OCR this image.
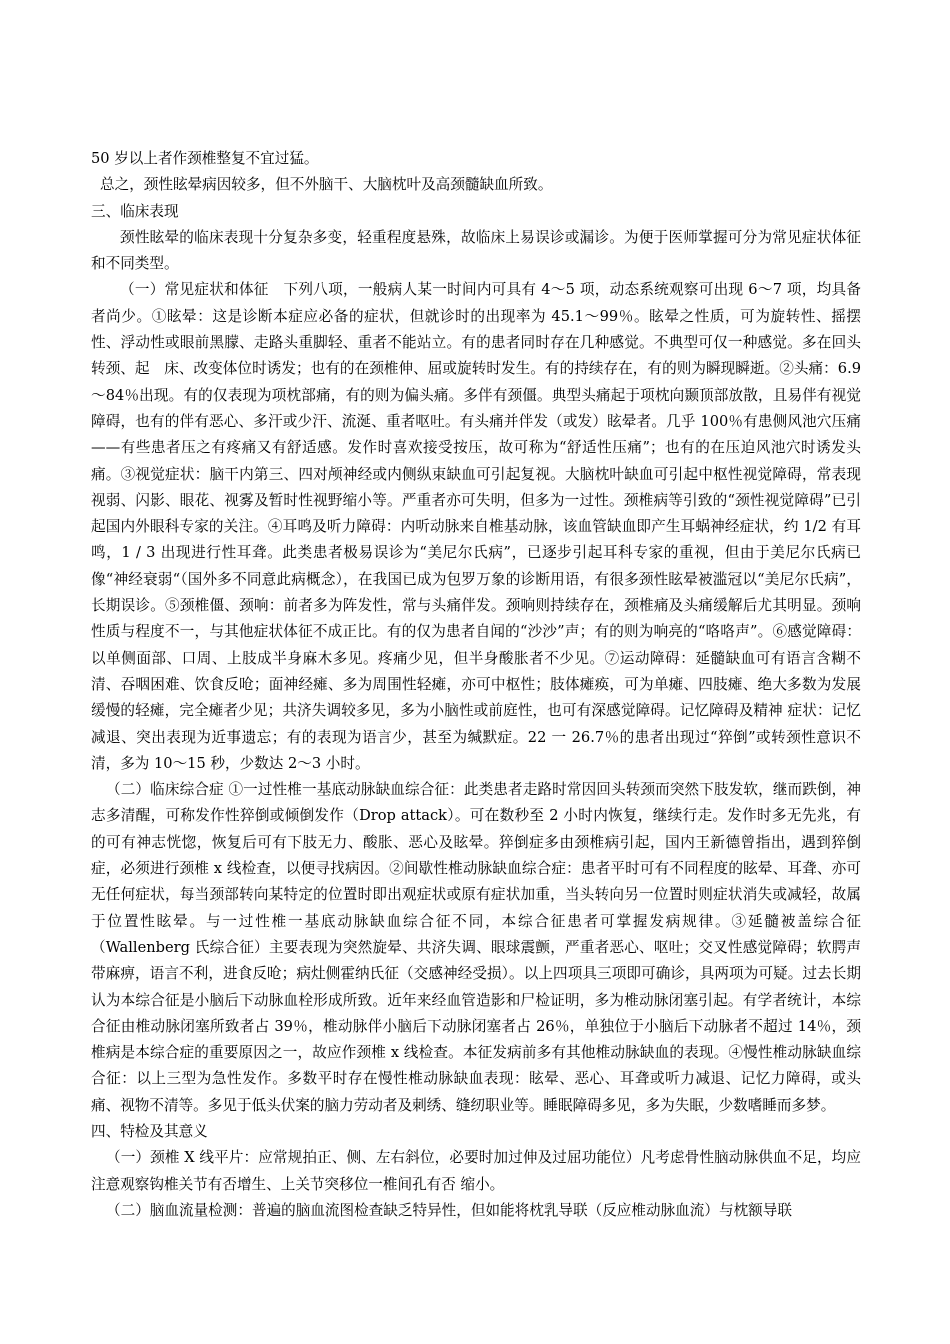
50 岁以上者作颈椎整复不宜过猛。

总之，颈性眩晕病因较多，但不外脑干、大脑枕叶及高颈髓缺血所致。

三、临床表现

颈性眩晕的临床表现十分复杂多变，轻重程度悬殊，故临床上易误诊或漏诊。为便于医师掌握可分为常见症状体征和不同类型。

（一）常见症状和体征　下列八项，一般病人某一时间内可具有 4～5 项，动态系统观察可出现 6～7 项，均具备者尚少。①眩晕：这是诊断本症应必备的症状，但就诊时的出现率为 45.1～99％。眩晕之性质，可为旋转性、摇摆性、浮动性或眼前黑朦、走路头重脚轻、重者不能站立。有的患者同时存在几种感觉。不典型可仅一种感觉。多在回头转颈、起　床、改变体位时诱发；也有的在颈椎伸、屈或旋转时发生。有的持续存在，有的则为瞬现瞬逝。②头痛：6.9～84％出现。有的仅表现为项枕部痛，有的则为偏头痛。多伴有颈僵。典型头痛起于项枕向颞顶部放散，且易伴有视觉障碍，也有的伴有恶心、多汗或少汗、流涎、重者呕吐。有头痛并伴发（或发）眩晕者。几乎 100％有患侧风池穴压痛——有些患者压之有疼痛又有舒适感。发作时喜欢接受按压，故可称为“舒适性压痛”；也有的在压迫风池穴时诱发头痛。③视觉症状：脑干内第三、四对颅神经或内侧纵束缺血可引起复视。大脑枕叶缺血可引起中枢性视觉障碍，常表现视弱、闪影、眼花、视雾及暂时性视野缩小等。严重者亦可失明，但多为一过性。颈椎病等引致的“颈性视觉障碍”已引起国内外眼科专家的关注。④耳鸣及听力障碍：内听动脉来自椎基动脉，该血管缺血即产生耳蜗神经症状，约 1/2 有耳鸣，1 / 3 出现进行性耳聋。此类患者极易误诊为“美尼尔氏病”，已逐步引起耳科专家的重视，但由于美尼尔氏病已像“神经衰弱“（国外多不同意此病概念），在我国已成为包罗万象的诊断用语，有很多颈性眩晕被滥冠以“美尼尔氏病”，长期误诊。⑤颈椎僵、颈响：前者多为阵发性，常与头痛伴发。颈响则持续存在，颈椎痛及头痛缓解后尤其明显。颈响性质与程度不一，与其他症状体征不成正比。有的仅为患者自闻的“沙沙”声；有的则为响亮的“咯咯声”。⑥感觉障碍：以单侧面部、口周、上肢成半身麻木多见。疼痛少见，但半身酸胀者不少见。⑦运动障碍：延髓缺血可有语言含糊不清、吞咽困难、饮食反呛；面神经瘫、多为周围性轻瘫，亦可中枢性；肢体瘫痪，可为单瘫、四肢瘫、绝大多数为发展缓慢的轻瘫，完全瘫者少见；共济失调较多见，多为小脑性或前庭性，也可有深感觉障碍。记忆障碍及精神 症状：记忆减退、突出表现为近事遗忘；有的表现为语言少，甚至为缄默症。22 一 26.7％的患者出现过“猝倒”或转颈性意识不清，多为 10～15 秒，少数达 2～3 小时。

（二）临床综合症 ①一过性椎一基底动脉缺血综合征：此类患者走路时常因回头转颈而突然下肢发软，继而跌倒，神志多清醒，可称发作性猝倒或倾倒发作（Drop attack）。可在数秒至 2 小时内恢复，继续行走。发作时多无先兆，有的可有神志恍惚，恢复后可有下肢无力、酸胀、恶心及眩晕。猝倒症多由颈椎病引起，国内王新德曾指出，遇到猝倒症，必须进行颈椎 x 线检查，以便寻找病因。②间歇性椎动脉缺血综合症：患者平时可有不同程度的眩晕、耳聋、亦可无任何症状，每当颈部转向某特定的位置时即出观症状或原有症状加重，当头转向另一位置时则症状消失或减轻，故属于位置性眩晕。与一过性椎一基底动脉缺血综合征不同，本综合征患者可掌握发病规律。③延髓被盖综合征（Wallenberg 氏综合征）主要表现为突然旋晕、共济失调、眼球震颤，严重者恶心、呕吐；交叉性感觉障碍；软腭声带麻痹，语言不利，进食反呛；病灶侧霍纳氏征（交感神经受损）。以上四项具三项即可确诊，具两项为可疑。过去长期认为本综合征是小脑后下动脉血栓形成所致。近年来经血管造影和尸检证明，多为椎动脉闭塞引起。有学者统计，本综合征由椎动脉闭塞所致者占 39％，椎动脉伴小脑后下动脉闭塞者占 26％，单独位于小脑后下动脉者不超过 14％，颈椎病是本综合症的重要原因之一，故应作颈椎 x 线检查。本征发病前多有其他椎动脉缺血的表现。④慢性椎动脉缺血综合征：以上三型为急性发作。多数平时存在慢性椎动脉缺血表现：眩晕、恶心、耳聋或听力减退、记忆力障碍，或头痛、视物不清等。多见于低头伏案的脑力劳动者及刺绣、缝纫职业等。睡眠障碍多见，多为失眠，少数嗜睡而多梦。

四、特检及其意义

（一）颈椎 X 线平片：应常规拍正、侧、左右斜位，必要时加过伸及过屈功能位）凡考虑骨性脑动脉供血不足，均应注意观察钩椎关节有否增生、上关节突移位一椎间孔有否 缩小。

（二）脑血流量检测：普遍的脑血流图检查缺乏特异性，但如能将枕乳导联（反应椎动脉血流）与枕额导联
